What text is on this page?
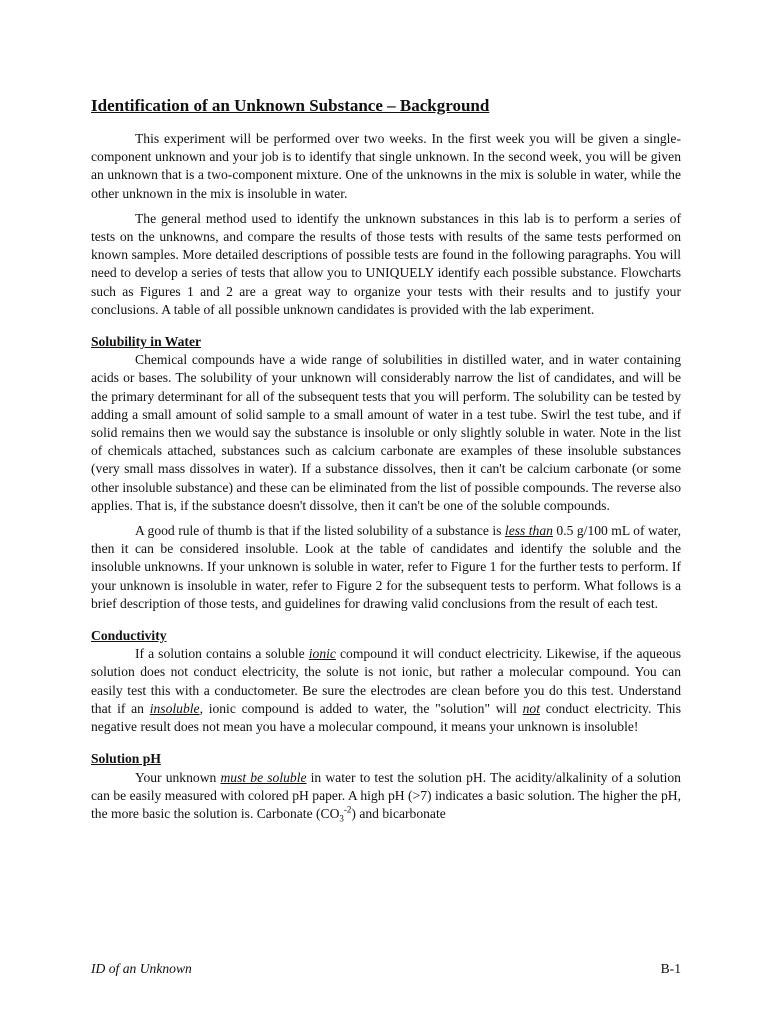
Identification of an Unknown Substance – Background

This experiment will be performed over two weeks. In the first week you will be given a single-component unknown and your job is to identify that single unknown. In the second week, you will be given an unknown that is a two-component mixture. One of the unknowns in the mix is soluble in water, while the other unknown in the mix is insoluble in water.

The general method used to identify the unknown substances in this lab is to perform a series of tests on the unknowns, and compare the results of those tests with results of the same tests performed on known samples. More detailed descriptions of possible tests are found in the following paragraphs. You will need to develop a series of tests that allow you to UNIQUELY identify each possible substance. Flowcharts such as Figures 1 and 2 are a great way to organize your tests with their results and to justify your conclusions. A table of all possible unknown candidates is provided with the lab experiment.

Solubility in Water

Chemical compounds have a wide range of solubilities in distilled water, and in water containing acids or bases. The solubility of your unknown will considerably narrow the list of candidates, and will be the primary determinant for all of the subsequent tests that you will perform. The solubility can be tested by adding a small amount of solid sample to a small amount of water in a test tube. Swirl the test tube, and if solid remains then we would say the substance is insoluble or only slightly soluble in water. Note in the list of chemicals attached, substances such as calcium carbonate are examples of these insoluble substances (very small mass dissolves in water). If a substance dissolves, then it can't be calcium carbonate (or some other insoluble substance) and these can be eliminated from the list of possible compounds. The reverse also applies. That is, if the substance doesn't dissolve, then it can't be one of the soluble compounds.

A good rule of thumb is that if the listed solubility of a substance is less than 0.5 g/100 mL of water, then it can be considered insoluble. Look at the table of candidates and identify the soluble and the insoluble unknowns. If your unknown is soluble in water, refer to Figure 1 for the further tests to perform. If your unknown is insoluble in water, refer to Figure 2 for the subsequent tests to perform. What follows is a brief description of those tests, and guidelines for drawing valid conclusions from the result of each test.

Conductivity

If a solution contains a soluble ionic compound it will conduct electricity. Likewise, if the aqueous solution does not conduct electricity, the solute is not ionic, but rather a molecular compound. You can easily test this with a conductometer. Be sure the electrodes are clean before you do this test. Understand that if an insoluble, ionic compound is added to water, the "solution" will not conduct electricity. This negative result does not mean you have a molecular compound, it means your unknown is insoluble!

Solution pH

Your unknown must be soluble in water to test the solution pH. The acidity/alkalinity of a solution can be easily measured with colored pH paper. A high pH (>7) indicates a basic solution. The higher the pH, the more basic the solution is. Carbonate $(CO_3^{-2})$ and bicarbonate

ID of an Unknown	B-1
